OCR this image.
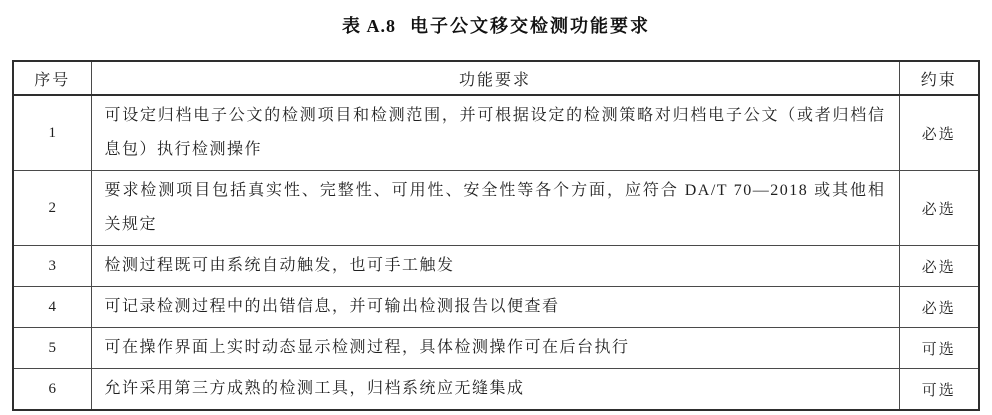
表 A.8 电子公文移交检测功能要求
序号	功能要求	约束
1	可设定归档电子公文的检测项目和检测范围，并可根据设定的检测策略对归档电子公文（或者归档信息包）执行检测操作	必选
2	要求检测项目包括真实性、完整性、可用性、安全性等各个方面，应符合 DA/T 70—2018 或其他相关规定	必选
3	检测过程既可由系统自动触发，也可手工触发	必选
4	可记录检测过程中的出错信息，并可输出检测报告以便查看	必选
5	可在操作界面上实时动态显示检测过程，具体检测操作可在后台执行	可选
6	允许采用第三方成熟的检测工具，归档系统应无缝集成	可选
